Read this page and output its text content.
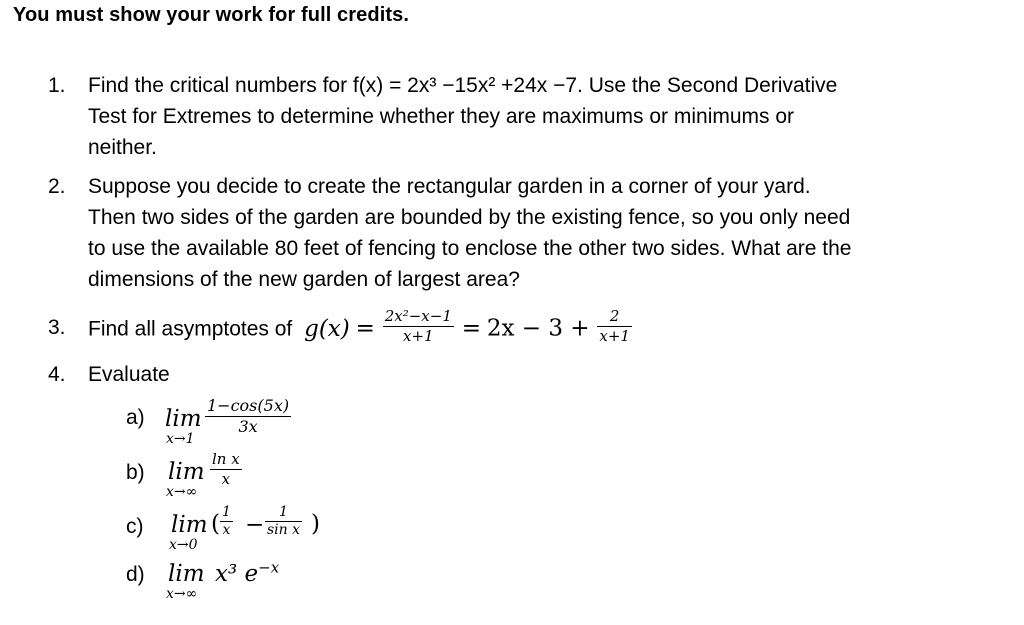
You must show your work for full credits.
1.	Find the critical numbers for f(x) = 2x³ −15x² +24x −7. Use the Second Derivative
Test for Extremes to determine whether they are maximums or minimums or
neither.
2.	Suppose you decide to create the rectangular garden in a corner of your yard.
Then two sides of the garden are bounded by the existing fence, so you only need
to use the available 80 feet of fencing to enclose the other two sides. What are the
dimensions of the new garden of largest area?
3.	Find all asymptotes of $g(x) = \frac{\text{2x²−x−1}}{x+1} = 2x - 3 + \frac{2}{x+1}$
4.	Evaluate
a) lim
x→1
$\frac{1-\cos(5x)}{3x}$
b) lim
x→∞
$\frac{\text{ln x}}{x}$
c) lim
x→0
( $\frac{1}{x} - \frac{1}{\text{sin x}}$ )
d) lim
x→∞
x³ $e^{-x}$
